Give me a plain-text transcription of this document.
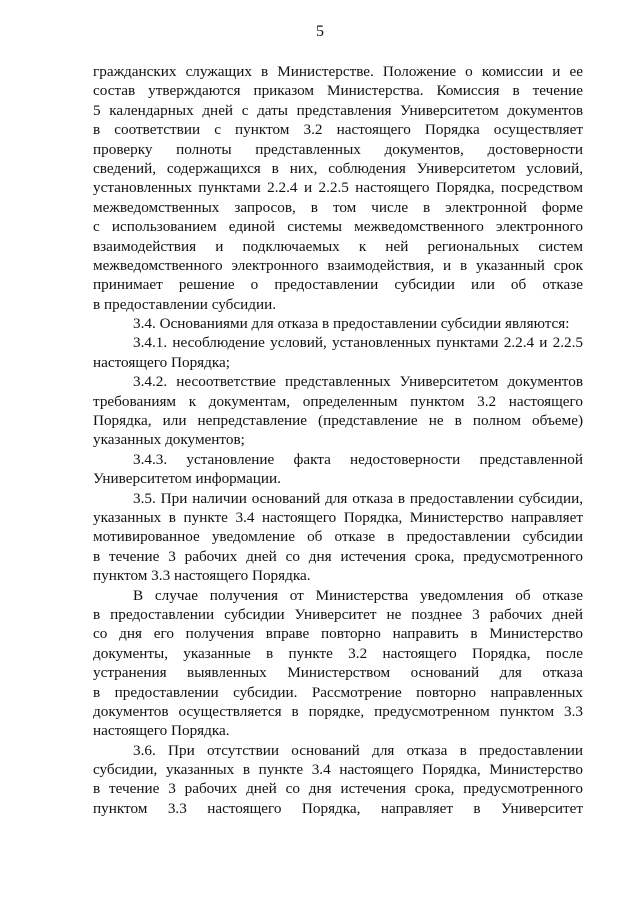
5
гражданских служащих в Министерстве. Положение о комиссии и ее
состав утверждаются приказом Министерства. Комиссия в течение
5 календарных дней с даты представления Университетом документов
в соответствии с пунктом 3.2 настоящего Порядка осуществляет
проверку полноты представленных документов, достоверности
сведений, содержащихся в них, соблюдения Университетом условий,
установленных пунктами 2.2.4 и 2.2.5 настоящего Порядка, посредством
межведомственных запросов, в том числе в электронной форме
с использованием единой системы межведомственного электронного
взаимодействия и подключаемых к ней региональных систем
межведомственного электронного взаимодействия, и в указанный срок
принимает решение о предоставлении субсидии или об отказе
в предоставлении субсидии.
3.4. Основаниями для отказа в предоставлении субсидии являются:
3.4.1. несоблюдение условий, установленных пунктами 2.2.4 и 2.2.5
настоящего Порядка;
3.4.2. несоответствие представленных Университетом документов
требованиям к документам, определенным пунктом 3.2 настоящего
Порядка, или непредставление (представление не в полном объеме)
указанных документов;
3.4.3. установление факта недостоверности представленной
Университетом информации.
3.5. При наличии оснований для отказа в предоставлении субсидии,
указанных в пункте 3.4 настоящего Порядка, Министерство направляет
мотивированное уведомление об отказе в предоставлении субсидии
в течение 3 рабочих дней со дня истечения срока, предусмотренного
пунктом 3.3 настоящего Порядка.
В случае получения от Министерства уведомления об отказе
в предоставлении субсидии Университет не позднее 3 рабочих дней
со дня его получения вправе повторно направить в Министерство
документы, указанные в пункте 3.2 настоящего Порядка, после
устранения выявленных Министерством оснований для отказа
в предоставлении субсидии. Рассмотрение повторно направленных
документов осуществляется в порядке, предусмотренном пунктом 3.3
настоящего Порядка.
3.6. При отсутствии оснований для отказа в предоставлении
субсидии, указанных в пункте 3.4 настоящего Порядка, Министерство
в течение 3 рабочих дней со дня истечения срока, предусмотренного
пунктом 3.3 настоящего Порядка, направляет в Университет
